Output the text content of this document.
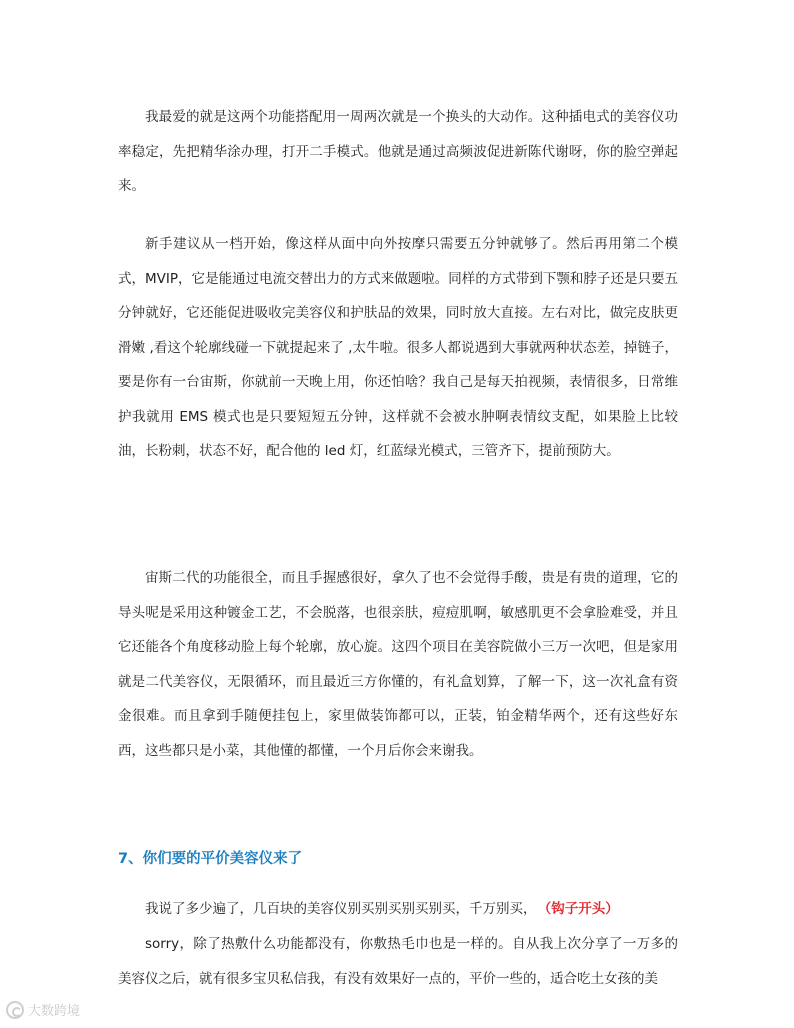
我最爱的就是这两个功能搭配用一周两次就是一个换头的大动作。这种插电式的美容仪功率稳定，先把精华涂办理，打开二手模式。他就是通过高频波促进新陈代谢呀，你的脸空弹起来。

新手建议从一档开始，像这样从面中向外按摩只需要五分钟就够了。然后再用第二个模式，MVIP，它是能通过电流交替出力的方式来做题啦。同样的方式带到下颚和脖子还是只要五分钟就好，它还能促进吸收完美容仪和护肤品的效果，同时放大直接。左右对比，做完皮肤更滑嫩 ,看这个轮廓线碰一下就提起来了 ,太牛啦。很多人都说遇到大事就两种状态差，掉链子，要是你有一台宙斯，你就前一天晚上用，你还怕啥？我自己是每天拍视频，表情很多，日常维护我就用 EMS 模式也是只要短短五分钟，这样就不会被水肿啊表情纹支配，如果脸上比较油，长粉刺，状态不好，配合他的 led 灯，红蓝绿光模式，三管齐下，提前预防大。

宙斯二代的功能很全，而且手握感很好，拿久了也不会觉得手酸，贵是有贵的道理，它的导头呢是采用这种镀金工艺，不会脱落，也很亲肤，痘痘肌啊，敏感肌更不会拿脸难受，并且它还能各个角度移动脸上每个轮廓，放心旋。这四个项目在美容院做小三万一次吧，但是家用就是二代美容仪，无限循环，而且最近三方你懂的，有礼盒划算，了解一下，这一次礼盒有资金很难。而且拿到手随便挂包上，家里做装饰都可以，正装，铂金精华两个，还有这些好东西，这些都只是小菜，其他懂的都懂，一个月后你会来谢我。

7、你们要的平价美容仪来了

我说了多少遍了，几百块的美容仪别买别买别买别买，千万别买， （钩子开头）

sorry，除了热敷什么功能都没有，你敷热毛巾也是一样的。自从我上次分享了一万多的美容仪之后，就有很多宝贝私信我，有没有效果好一点的，平价一些的，适合吃土女孩的美

大数跨境
